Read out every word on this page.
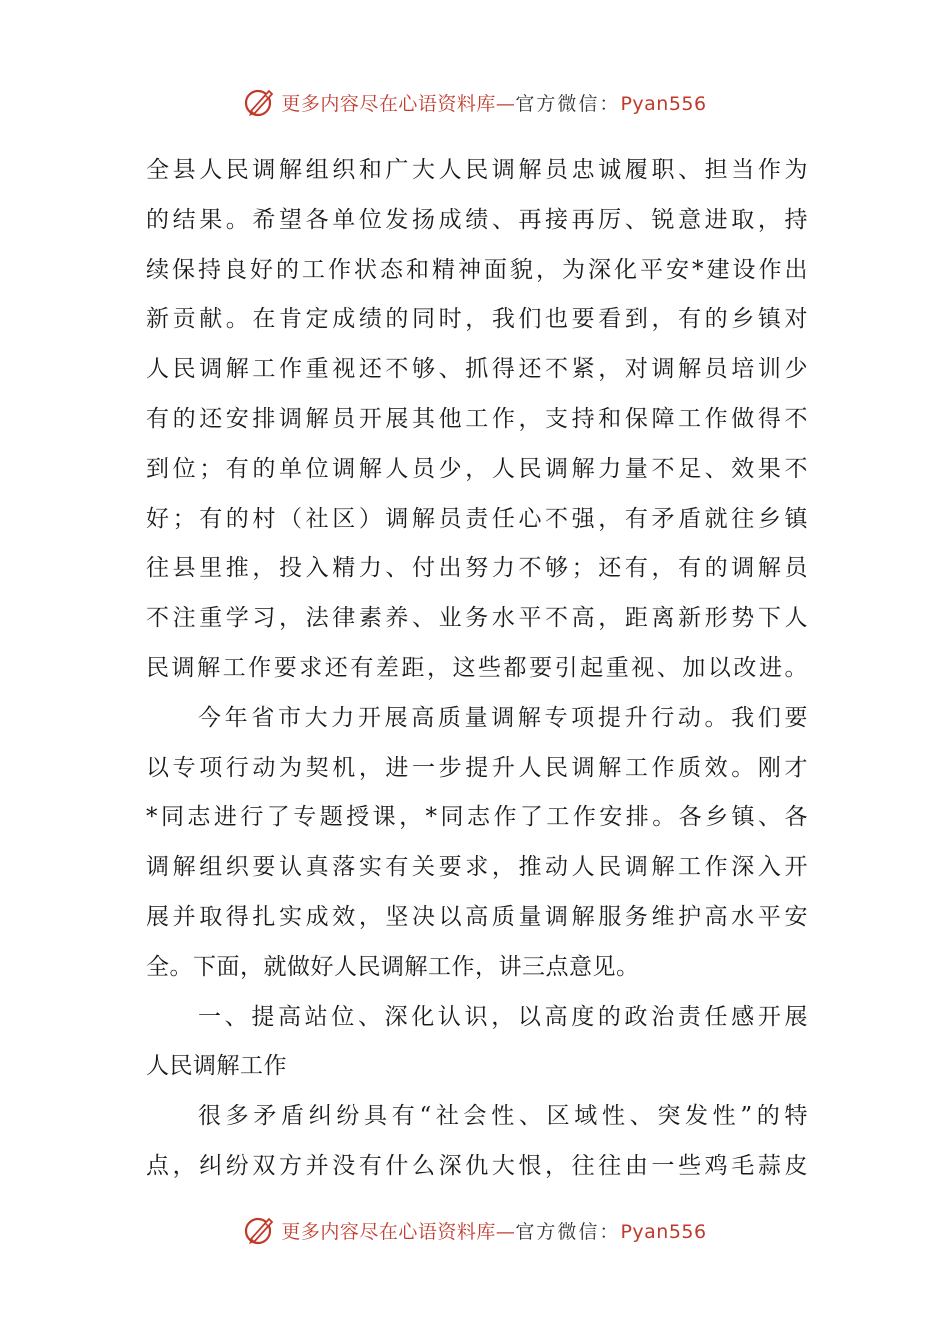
更多内容尽在心语资料库—官方微信：Pyan556
全县人民调解组织和广大人民调解员忠诚履职、担当作为
的结果。希望各单位发扬成绩、再接再厉、锐意进取，持
续保持良好的工作状态和精神面貌，为深化平安*建设作出
新贡献。在肯定成绩的同时，我们也要看到，有的乡镇对
人民调解工作重视还不够、抓得还不紧，对调解员培训少
有的还安排调解员开展其他工作，支持和保障工作做得不
到位；有的单位调解人员少，人民调解力量不足、效果不
好；有的村（社区）调解员责任心不强，有矛盾就往乡镇
往县里推，投入精力、付出努力不够；还有，有的调解员
不注重学习，法律素养、业务水平不高，距离新形势下人
民调解工作要求还有差距，这些都要引起重视、加以改进。
今年省市大力开展高质量调解专项提升行动。我们要
以专项行动为契机，进一步提升人民调解工作质效。刚才
*同志进行了专题授课，*同志作了工作安排。各乡镇、各
调解组织要认真落实有关要求，推动人民调解工作深入开
展并取得扎实成效，坚决以高质量调解服务维护高水平安
全。下面，就做好人民调解工作，讲三点意见。
一、提高站位、深化认识，以高度的政治责任感开展
人民调解工作
很多矛盾纠纷具有“社会性、区域性、突发性”的特
点，纠纷双方并没有什么深仇大恨，往往由一些鸡毛蒜皮
更多内容尽在心语资料库—官方微信：Pyan556
